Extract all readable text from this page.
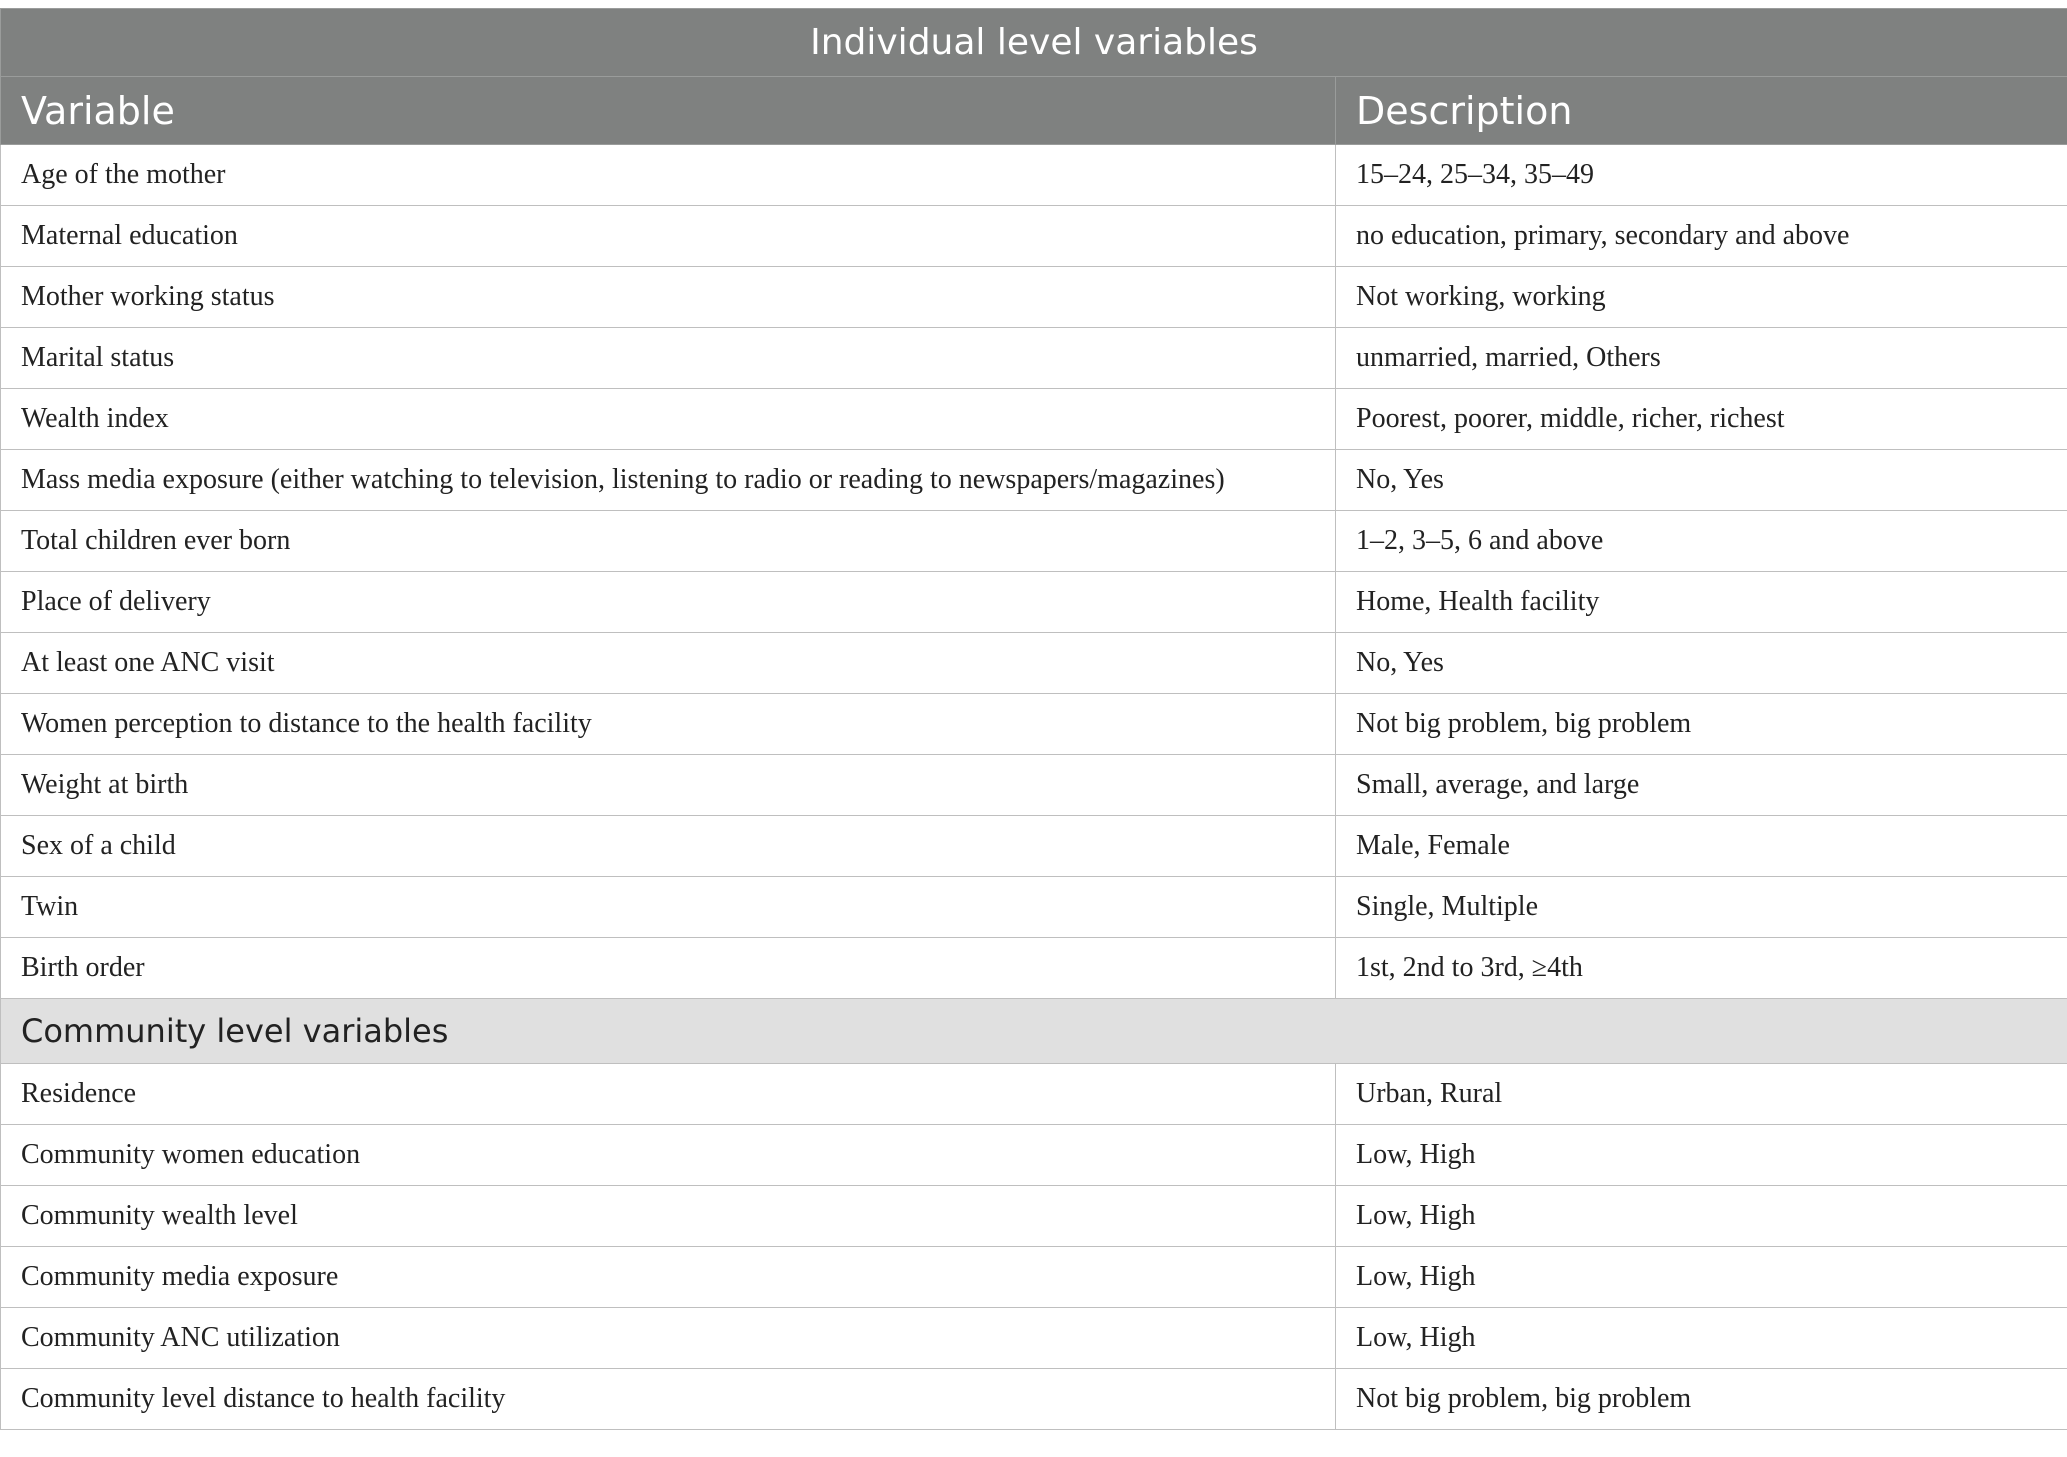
Individual level variables	
Variable	Description
Age of the mother	15–24, 25–34, 35–49
Maternal education	no education, primary, secondary and above
Mother working status	Not working, working
Marital status	unmarried, married, Others
Wealth index	Poorest, poorer, middle, richer, richest
Mass media exposure (either watching to television, listening to radio or reading to newspapers/magazines)	No, Yes
Total children ever born	1–2, 3–5, 6 and above
Place of delivery	Home, Health facility
At least one ANC visit	No, Yes
Women perception to distance to the health facility	Not big problem, big problem
Weight at birth	Small, average, and large
Sex of a child	Male, Female
Twin	Single, Multiple
Birth order	1st, 2nd to 3rd, ≥4th
Community level variables	
Residence	Urban, Rural
Community women education	Low, High
Community wealth level	Low, High
Community media exposure	Low, High
Community ANC utilization	Low, High
Community level distance to health facility	Not big problem, big problem
